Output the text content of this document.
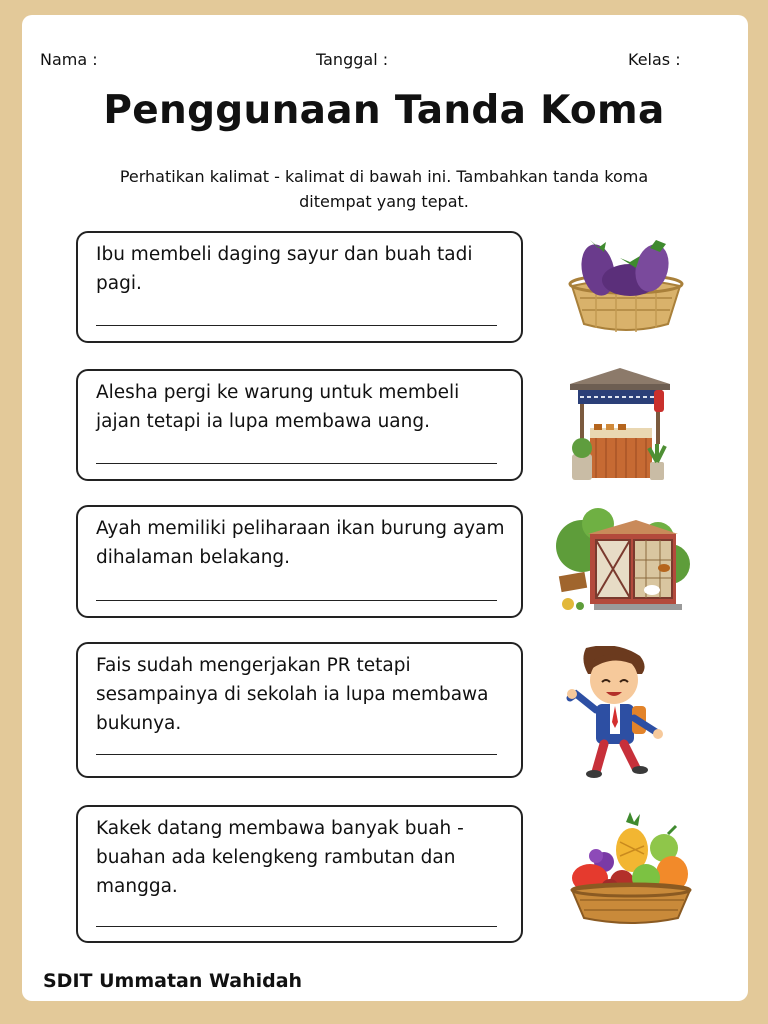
Nama :	Tanggal :	Kelas :
Penggunaan Tanda Koma
Perhatikan kalimat - kalimat di bawah ini. Tambahkan tanda koma ditempat yang tepat.
Ibu membeli daging sayur dan buah tadi pagi.
Alesha pergi ke warung untuk membeli jajan tetapi ia lupa membawa uang.
Ayah memiliki peliharaan ikan burung ayam dihalaman belakang.
Fais sudah mengerjakan PR tetapi sesampainya di sekolah ia lupa membawa bukunya.
Kakek datang membawa banyak buah - buahan ada kelengkeng rambutan dan mangga.
SDIT Ummatan Wahidah
